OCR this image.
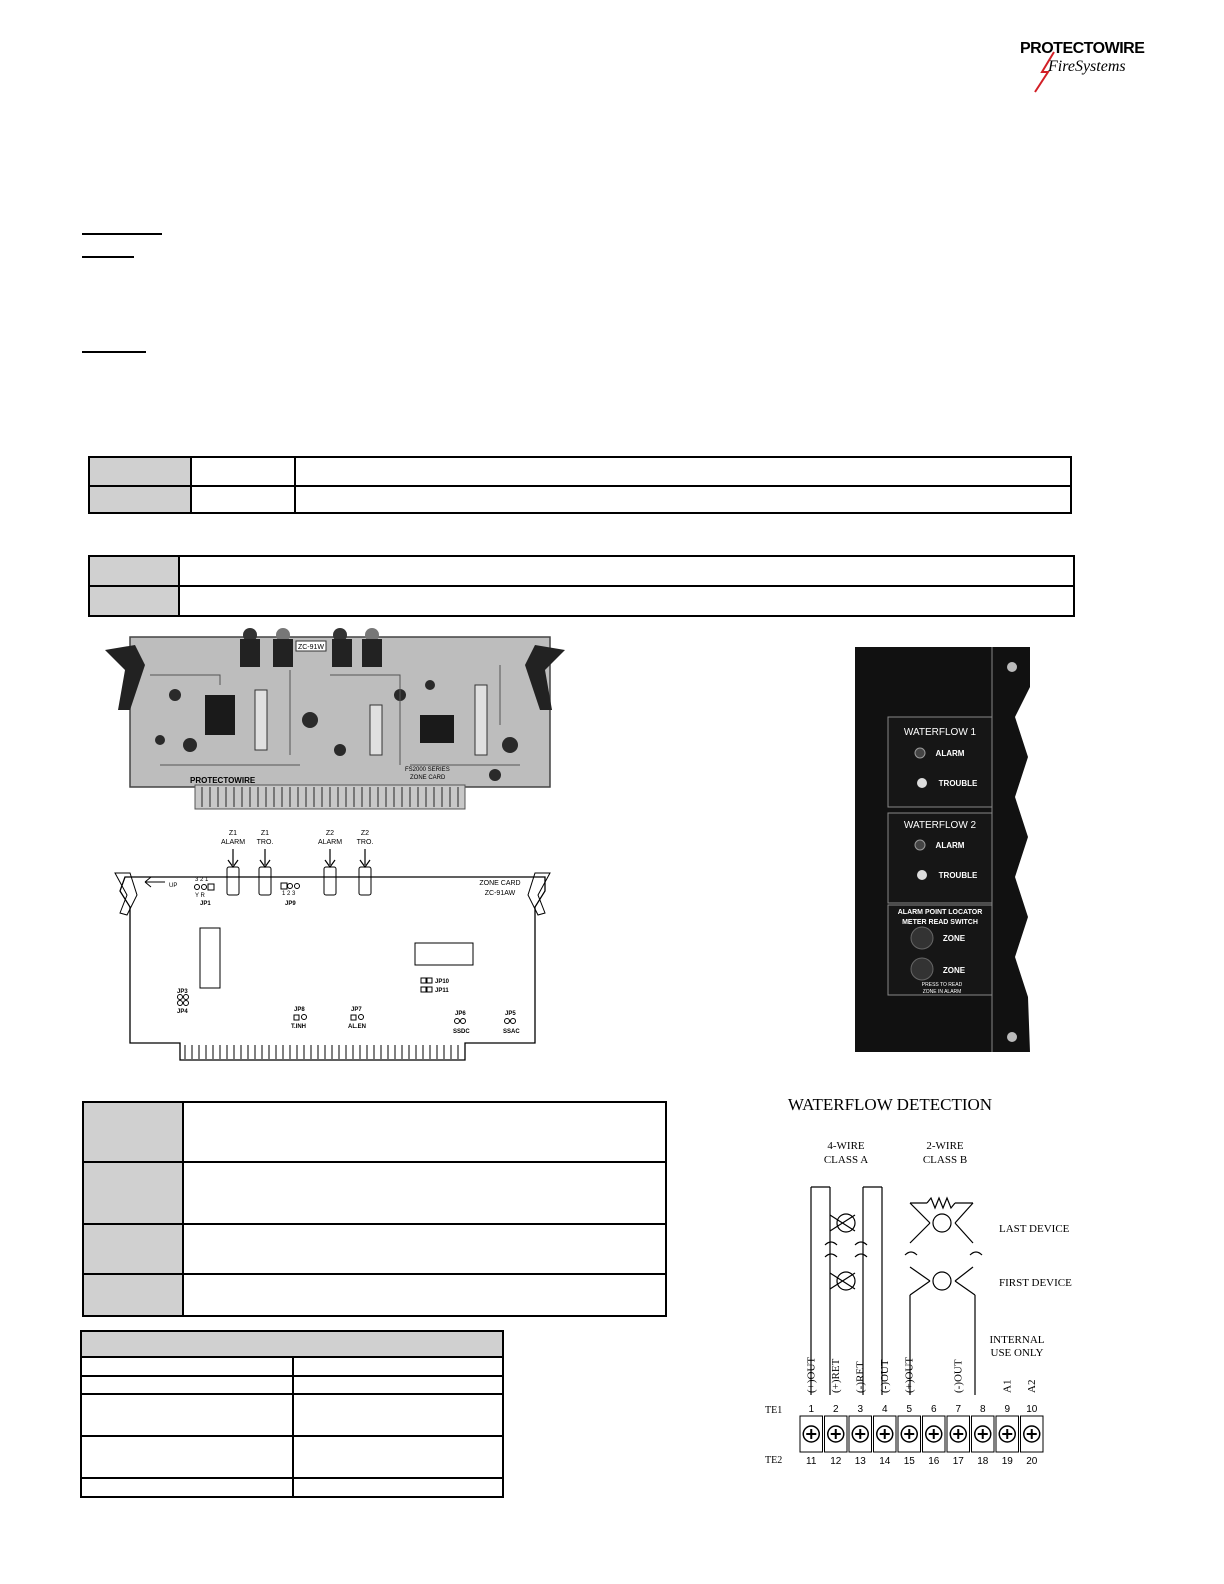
PROTECTOWIRE
FireSystems

ZC-91W
PROTECTOWIRE
FS2000 SERIES
ZONE CARD
Z1
ALARM
Z1
TRO.
Z2
ALARM
Z2
TRO.
UP
3 2 1
Y R
JP1
1 2 3
JP9
ZONE CARD
ZC-91AW
JP3
JP4	JP8
T.INH
JP7
AL.EN
JP6
SSDC
JP5
SSAC
JP10
JP11
WATERFLOW 1
ALARM
TROUBLE
WATERFLOW 2
ALARM
TROUBLE
ALARM POINT LOCATOR
METER READ SWITCH
ZONE
ZONE
PRESS TO READ
ZONE IN ALARM

WATERFLOW DETECTION
4-WIRE
CLASS A
2-WIRE
CLASS B
LAST DEVICE
FIRST DEVICE
INTERNAL
USE ONLY
(+)OUT (+)RET (-)RET (-)OUT (+)OUT	(-)OUT	A1 A2
TE1
TE2
1
11
2
12
3
13
4
14
5
15
6
16
7
17
8
18
9
19
10
20
